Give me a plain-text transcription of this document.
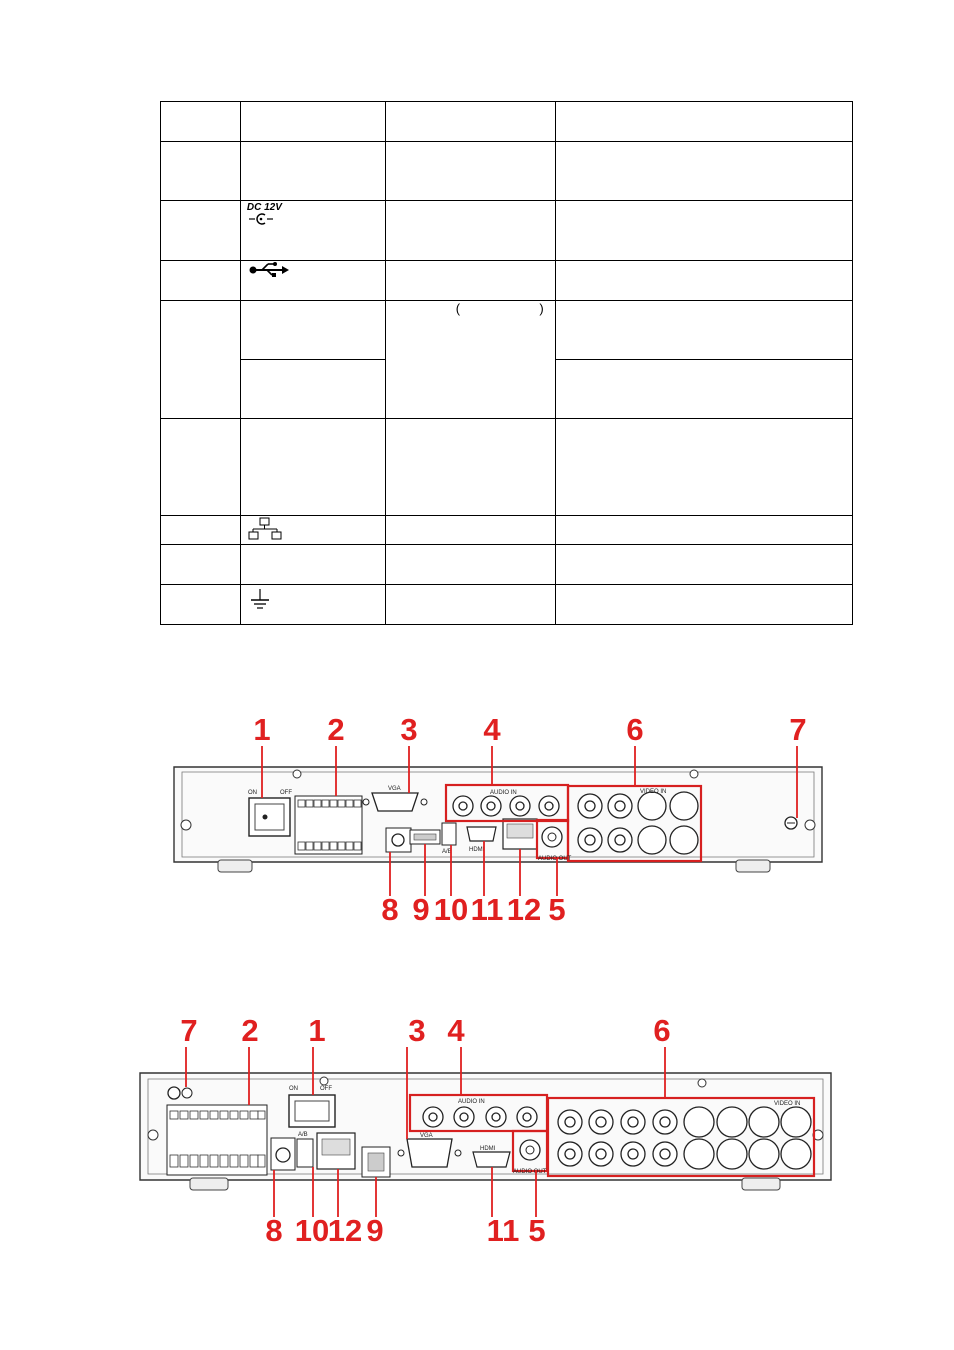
	DC 12V		

		( )	

ON	OFF
VGA
AUDIO IN	VIDEO IN
AUDIO OUT
A/B	HDMI
1 2 3 4	6	7
8 9 10 11 12 5
ON	OFF
VGA
AUDIO IN	VIDEO IN
AUDIO OUT
A/B
HDMI
7 2 1	3 4	6
8 10
12 9	11 5
